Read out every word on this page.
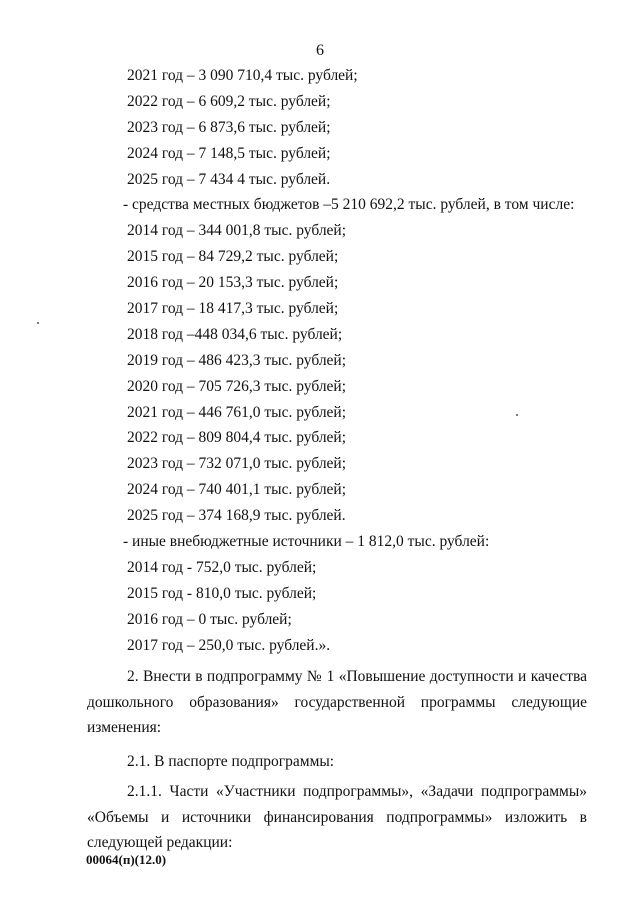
6
2021 год – 3 090 710,4 тыс. рублей;
2022 год – 6 609,2 тыс. рублей;
2023 год – 6 873,6 тыс. рублей;
2024 год – 7 148,5 тыс. рублей;
2025 год – 7 434 4 тыс. рублей.
- средства местных бюджетов –5 210 692,2 тыс. рублей, в том числе:
2014 год – 344 001,8 тыс. рублей;
2015 год – 84 729,2 тыс. рублей;
2016 год – 20 153,3 тыс. рублей;
2017 год – 18 417,3 тыс. рублей;
2018 год –448 034,6 тыс. рублей;
2019 год – 486 423,3 тыс. рублей;
2020 год – 705 726,3 тыс. рублей;
2021 год – 446 761,0 тыс. рублей;
2022 год – 809 804,4 тыс. рублей;
2023 год – 732 071,0 тыс. рублей;
2024 год – 740 401,1 тыс. рублей;
2025 год – 374 168,9 тыс. рублей.
- иные внебюджетные источники – 1 812,0 тыс. рублей:
2014 год - 752,0 тыс. рублей;
2015 год - 810,0 тыс. рублей;
2016 год – 0 тыс. рублей;
2017 год – 250,0 тыс. рублей.».
2. Внести в подпрограмму № 1 «Повышение доступности и качества дошкольного образования» государственной программы следующие изменения:
2.1. В паспорте подпрограммы:
2.1.1. Части «Участники подпрограммы», «Задачи подпрограммы» «Объемы и источники финансирования подпрограммы» изложить в следующей редакции:
00064(п)(12.0)
